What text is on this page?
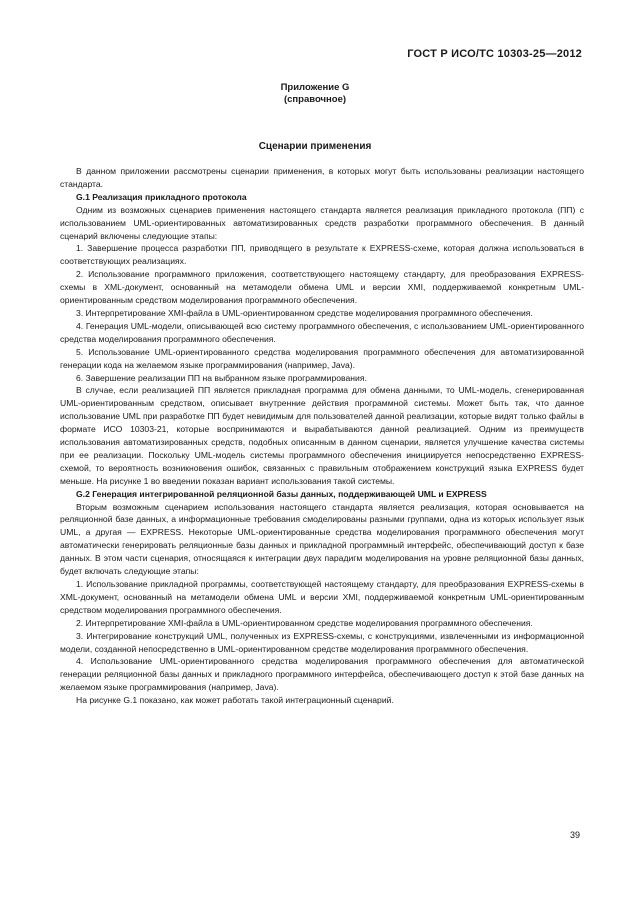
ГОСТ Р ИСО/ТС 10303-25—2012
Приложение G
(справочное)
Сценарии применения

В данном приложении рассмотрены сценарии применения, в которых могут быть использованы реализации настоящего стандарта.

G.1 Реализация прикладного протокола

Одним из возможных сценариев применения настоящего стандарта является реализация прикладного протокола (ПП) с использованием UML-ориентированных автоматизированных средств разработки программного обеспечения. В данный сценарий включены следующие этапы:

1. Завершение процесса разработки ПП, приводящего в результате к EXPRESS-схеме, которая должна использоваться в соответствующих реализациях.

2. Использование программного приложения, соответствующего настоящему стандарту, для преобразования EXPRESS-схемы в XML-документ, основанный на метамодели обмена UML и версии XMI, поддерживаемой конкретным UML-ориентированным средством моделирования программного обеспечения.

3. Интерпретирование XMI-файла в UML-ориентированном средстве моделирования программного обеспечения.

4. Генерация UML-модели, описывающей всю систему программного обеспечения, с использованием UML-ориентированного средства моделирования программного обеспечения.

5. Использование UML-ориентированного средства моделирования программного обеспечения для автоматизированной генерации кода на желаемом языке программирования (например, Java).

6. Завершение реализации ПП на выбранном языке программирования.

В случае, если реализацией ПП является прикладная программа для обмена данными, то UML-модель, сгенерированная UML-ориентированным средством, описывает внутренние действия программной системы. Может быть так, что данное использование UML при разработке ПП будет невидимым для пользователей данной реализации, которые видят только файлы в формате ИСО 10303-21, которые воспринимаются и вырабатываются данной реализацией. Одним из преимуществ использования автоматизированных средств, подобных описанным в данном сценарии, является улучшение качества системы при ее реализации. Поскольку UML-модель системы программного обеспечения инициируется непосредственно EXPRESS-схемой, то вероятность возникновения ошибок, связанных с правильным отображением конструкций языка EXPRESS будет меньше. На рисунке 1 во введении показан вариант использования такой системы.

G.2 Генерация интегрированной реляционной базы данных, поддерживающей UML и EXPRESS

Вторым возможным сценарием использования настоящего стандарта является реализация, которая основывается на реляционной базе данных, а информационные требования смоделированы разными группами, одна из которых использует язык UML, а другая — EXPRESS. Некоторые UML-ориентированные средства моделирования программного обеспечения могут автоматически генерировать реляционные базы данных и прикладной программный интерфейс, обеспечивающий доступ к базе данных. В этом части сценария, относящаяся к интеграции двух парадигм моделирования на уровне реляционной базы данных, будет включать следующие этапы:

1. Использование прикладной программы, соответствующей настоящему стандарту, для преобразования EXPRESS-схемы в XML-документ, основанный на метамодели обмена UML и версии XMI, поддерживаемой конкретным UML-ориентированным средством моделирования программного обеспечения.

2. Интерпретирование XMI-файла в UML-ориентированном средстве моделирования программного обеспечения.

3. Интегрирование конструкций UML, полученных из EXPRESS-схемы, с конструкциями, извлеченными из информационной модели, созданной непосредственно в UML-ориентированном средстве моделирования программного обеспечения.

4. Использование UML-ориентированного средства моделирования программного обеспечения для автоматической генерации реляционной базы данных и прикладного программного интерфейса, обеспечивающего доступ к этой базе данных на желаемом языке программирования (например, Java).

На рисунке G.1 показано, как может работать такой интеграционный сценарий.

39
